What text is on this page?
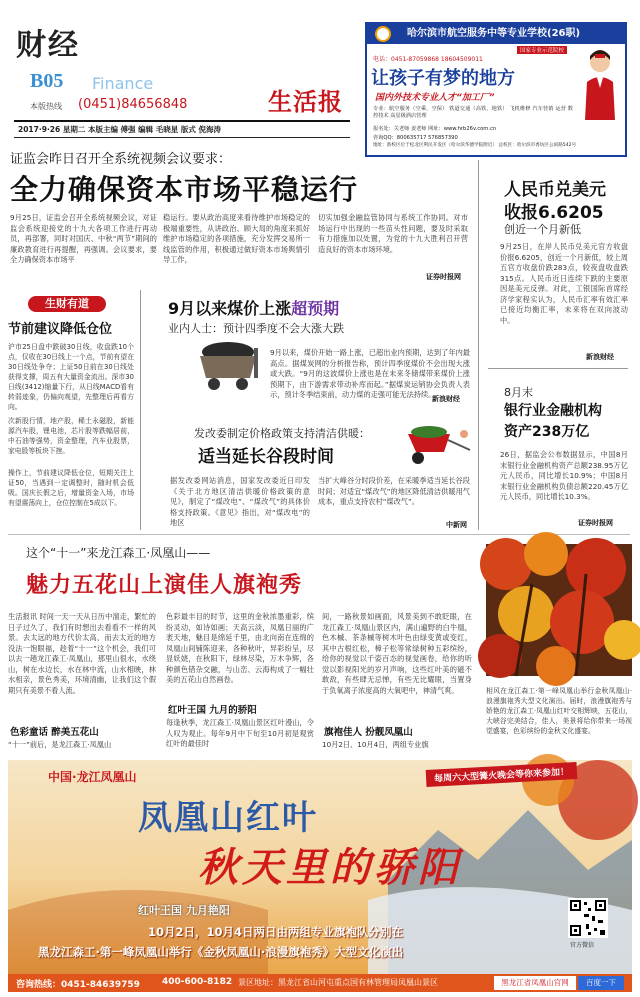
财经
B05 Finance
本版热线 (0451)84656848	生活报
2017·9·26 星期二 本版主编 傅强 编辑 毛晓星 版式 倪海涛
哈尔滨市航空服务中等专业学校(26职)
国家专业示范院校
电话：0451-87059868 18604509011
让孩子有梦的地方
国内外技术专业人才“加工厂”
专业：航空服务（空乘、空保） 铁道交通（高铁、地铁） 飞机维修 汽车营销 运营 数控技术 高星级酒店管理
报名处：关老师 姜老师 网址：www.hrb26v.com.cn
咨询QQ：800635717 576857390
地址：新校区位于松北区利民开发区（哈尔滨华德学院附近） 总校区：哈尔滨市香坊区公滨路542号
证监会昨日召开全系统视频会议要求：
全力确保资本市场平稳运行
9月25日，证监会召开全系统视频会议，对证监会系统迎接党的十九大各项工作进行再动员，再部署，同时对国庆、中秋“两节”期间的廉政教育进行再提醒，再强调。会议要求，要全力确保资本市场平
稳运行。要从政治高度来看待维护市场稳定的极端重要性，从讲政治、顾大局的角度来抓好维护市场稳定的各项措施，充分发挥交易所一线监管的作用，积极通过做好资本市场舆情引导工作，
切实加强金融监管协同与系统工作协同。对市场运行中出现的一些苗头性问题，要及时采取有力措施加以处置，为党的十九大胜利召开营造良好的资本市场环境。
证券时报网
人民币兑美元
收报6.6205
创近一个月新低
9月25日，在岸人民币兑美元官方收盘价报6.6205，创近一个月新低，较上周五官方收盘价跌283点，较夜盘收盘跌315点。人民币近日连续下跌的主要原因是美元反弹。对此，工银国际首席经济学家程实认为，人民币汇率有效汇率已接近均衡汇率，未来将在双向波动中。
新浪财经
生财有道
节前建议降低仓位
沪市25日盘中跌破30日线，收盘跌10个点，仅收在30日线上一个点，节前有望在30日线处争夺；上证50日前在30日线处获得支撑，周五有大量资金流出。深市30日线(3412)缩量下行，从日线MACD看有转弱迹象，仍偏向观望，先整理后再看方向。
次新股行情，地产股，稀土永磁股，新能源汽车股，锂电池，芯片股等跌幅居前，中石油等强势，资金整理，汽车业股票，家电股等板块下挫。
操作上，节前建议降低仓位，短期关注上证50，当遇到一定调整时，随时机会低吸。国庆长假之后，增量资金入场，市场有望震荡向上，仓位控制在5成以下。
9月以来煤价上涨超预期
业内人士：预计四季度不会大涨大跌
9月以来，煤价开始一路上涨，已超出业内预期，达到了年内最高点。据煤炭网的分析报告称，预计四季度煤价不会出现大涨或大跌。“9月的这波煤价上涨也是在未来冬储煤带来煤价上涨预期下，由下游需求带动补库而起。”据煤炭运销协会负责人表示，预计冬季结束前，动力煤的走强可能无法持续。
新浪财经
发改委制定价格政策支持清洁供暖：
适当延长谷段时间
据发改委网站消息，国家发改委近日印发《关于北方地区清洁供暖价格政策的意见》，制定了“煤改电”、“煤改气”的具体价格支持政策。《意见》指出，对“煤改电”的地区
当扩大峰谷分时段价差，在采暖季适当延长谷段时间；对适宜“煤改气”的地区降低清洁供暖用气成本，重点支持农村“煤改气”。
中新网
8月末
银行业金融机构
资产238万亿
26日，据监会公布数据显示，中国8月末银行业金融机构资产总额238.95万亿元人民币，同比增长10.9%；中国8月末银行业金融机构负债总额220.45万亿元人民币，同比增长10.3%。
证券时报网
这个“十一”来龙江森工·凤凰山——
魅力五花山上演佳人旗袍秀
生活报讯 时间一天一天从日历中溜走，繁忙的日子过久了，我们有时想出去看看不一样的风景。去太远的地方代价太高，而去太近的地方没法一饱眼福，趁着“十一”这个机会，我们可以去一趟龙江森工·凤凰山，那里山很水，水绕山，树在水边长，水在林中流，山水相映，林水相亲，景色秀美，环境清幽，让我们这个假期只有美景不看人流。
色彩童话 醉美五花山
“十一”前后，是龙江森工·凤凰山
色彩最丰目的时节，这里的金秋浓墨重彩，缤纷灵动，如诗如画；天高云淡，凤凰日丽的广袤天地，魅目是绵延千里，由北向南在连绵的凤凰山间铺陈迎来，各种秋叶，异彩纷呈，尽显妖娆，在秋阳下，绿林尽染，万木争辉，各种颜色错杂交融，与山峦、云海构成了一幅壮美的五花山自然画卷。
红叶王国 九月的骄阳
每逢秋季，龙江森工·凤凰山景区红叶漫山，令人叹为观止。每年9月中下旬至10月初是观赏红叶的最佳时
间，一路秋景如画面，风景美到不敢眨眼，在龙江森工·凤凰山景区内，满山遍野的白牛凰，色木槭、茶条槭等树木叶色由绿变黄或变红，其中古根红松，樟子松等常绿树种五彩缤纷，给你的视觉以千姿百态的视觉画卷，给你的听觉以影视阳光的岁月声响，这些红叶美的磁不敢敌，有些肆无忌惮，有些无比耀眼，当置身于负氧离子浓度高的大氧吧中，神清气爽。
旗袍佳人 扮靓凤凰山
10月2日、10月4日，两组专业旗
相风在龙江森工·第一峰凤凰山举行金秋凤凰山·浪漫旗袍秀大型文化演出。届时，浪漫旗袍秀与娇艳的龙江森工·凤凰山红叶交相辉映，五花山，大峡谷完美结合，佳人，美景将给你带来一场视觉盛宴，色彩缤纷的金秋文化盛宴。
中国·龙江凤凰山	每周六大型篝火晚会等你来参加！
凤凰山红叶
秋天里的骄阳
红叶王国 九月艳阳
10月2日，10月4日两日由两组专业旗袍队分别在
黑龙江森工·第一峰凤凰山举行《金秋凤凰山·浪漫旗袍秀》大型文化演出	官方微信
咨询热线：0451-84639759 400-600-8182 景区地址：黑龙江省山河屯重点国有林管理局凤凰山景区	黑龙江省凤凰山官网	百度一下
